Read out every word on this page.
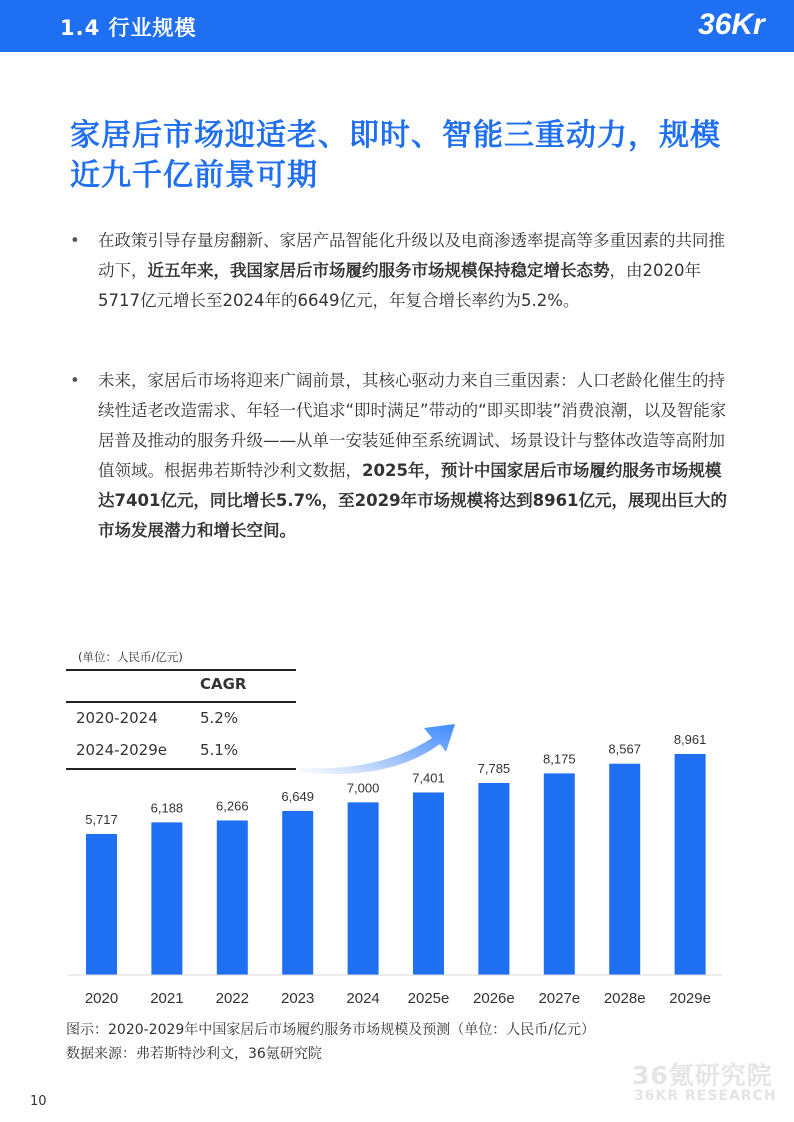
1.4 行业规模	36Kr
家居后市场迎适老、即时、智能三重动力，规模近九千亿前景可期
•	在政策引导存量房翻新、家居产品智能化升级以及电商渗透率提高等多重因素的共同推动下，近五年来，我国家居后市场履约服务市场规模保持稳定增长态势，由2020年5717亿元增长至2024年的6649亿元，年复合增长率约为5.2%。
•	未来，家居后市场将迎来广阔前景，其核心驱动力来自三重因素：人口老龄化催生的持续性适老改造需求、年轻一代追求“即时满足”带动的“即买即装”消费浪潮，以及智能家居普及推动的服务升级——从单一安装延伸至系统调试、场景设计与整体改造等高附加值领域。根据弗若斯特沙利文数据，2025年，预计中国家居后市场履约服务市场规模达7401亿元，同比增长5.7%，至2029年市场规模将达到8961亿元，展现出巨大的市场发展潜力和增长空间。
(单位：人民币/亿元)
CAGR
2020-2024	5.2%
2024-2029e 5.1%
5,717
2020
6,188
2021
6,266
2022
6,649
2023
7,000
2024
7,401
2025e
7,785
2026e
8,175
2027e
8,567
2028e
8,961
2029e
图示：2020-2029年中国家居后市场履约服务市场规模及预测（单位：人民币/亿元）
数据来源：弗若斯特沙利文，36氪研究院
36氪研究院
36KR RESEARCH
10
